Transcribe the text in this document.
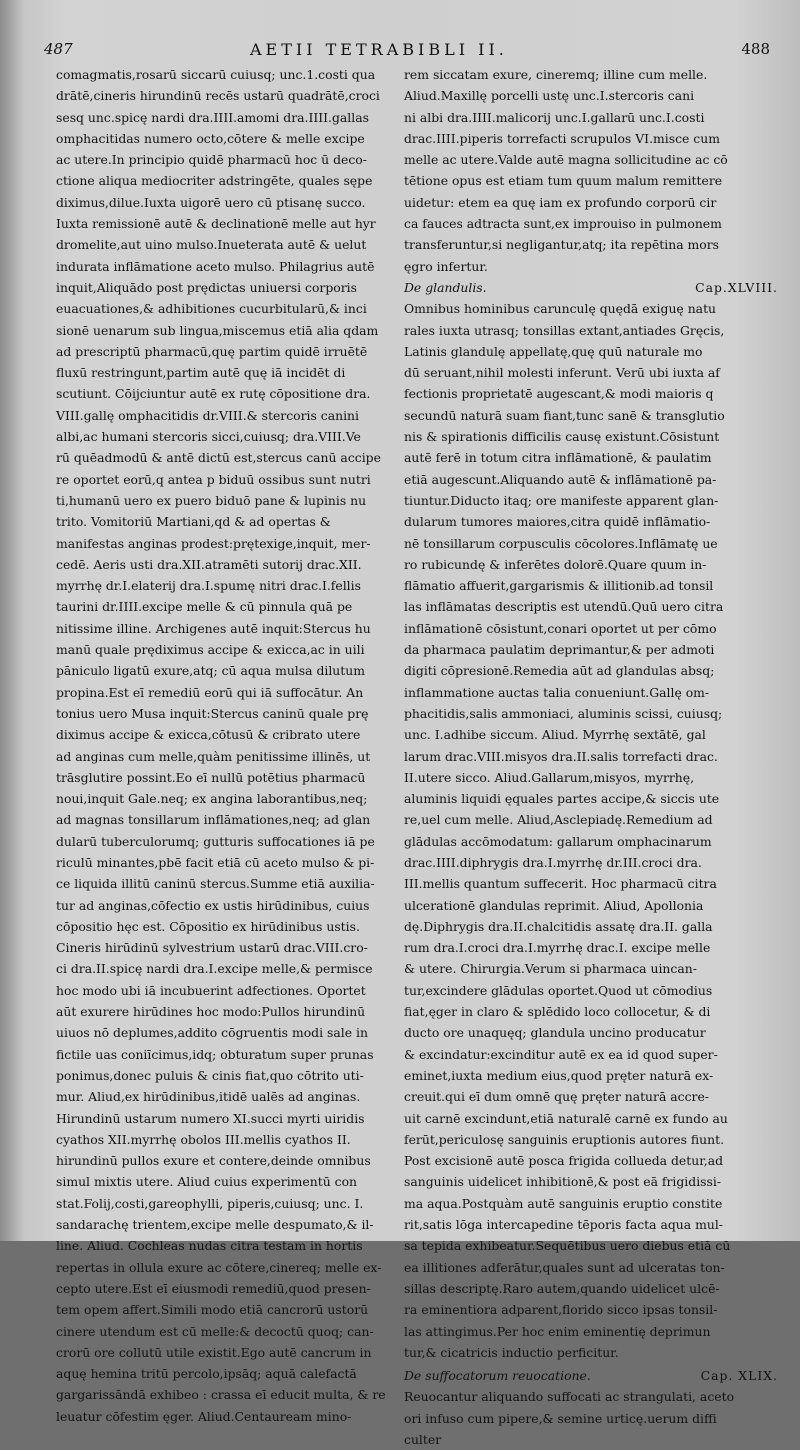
487	AETII TETRABIBLI II.	488

comagmatis,rosarū siccarū cuiusq; unc.1.costi qua

drātē,cineris hirundinū recēs ustarū quadrātē,croci

sesq unc.spicę nardi dra.IIII.amomi dra.IIII.gallas

omphacitidas numero octo,cōtere & melle excipe

ac utere.In principio quidē pharmacū hoc ū deco-

ctione aliqua mediocriter adstringēte, quales sępe

diximus,dilue.Iuxta uigorē uero cū ptisanę succo.

Iuxta remissionē autē & declinationē melle aut hyr

dromelite,aut uino mulso.Inueterata autē & uelut

indurata inflāmatione aceto mulso. Philagrius autē

inquit,Aliquādo post prędictas uniuersi corporis

euacuationes,& adhibitiones cucurbitularū,& inci

sionē uenarum sub lingua,miscemus etiā alia qdam

ad prescriptū pharmacū,quę partim quidē irruētē

fluxū restringunt,partim autē quę iā incidēt di

scutiunt. Cōijciuntur autē ex rutę cōpositione dra.

VIII.gallę omphacitidis dr.VIII.& stercoris canini

albi,ac humani stercoris sicci,cuiusq; dra.VIII.Ve

rū quēadmodū & antē dictū est,stercus canū accipe

re oportet eorū,q antea p biduū ossibus sunt nutri

ti,humanū uero ex puero biduō pane & lupinis nu

trito. Vomitoriū Martiani,qd & ad opertas &

manifestas anginas prodest:prętexige,inquit, mer-

cedē. Aeris usti dra.XII.atramēti sutorij drac.XII.

myrrhę dr.I.elaterij dra.I.spumę nitri drac.I.fellis

taurini dr.IIII.excipe melle & cū pinnula quā pe

nitissime illine. Archigenes autē inquit:Stercus hu

manū quale prędiximus accipe & exicca,ac in uili

pāniculo ligatū exure,atq; cū aqua mulsa dilutum

propina.Est eī remediū eorū qui iā suffocātur. An

tonius uero Musa inquit:Stercus caninū quale prę

diximus accipe & exicca,cōtusū & cribrato utere

ad anginas cum melle,quàm penitissime illinēs, ut

trāsglutire possint.Eo eī nullū potētius pharmacū

noui,inquit Gale.neq; ex angina laborantibus,neq;

ad magnas tonsillarum inflāmationes,neq; ad glan

dularū tuberculorumq; gutturis suffocationes iā pe

riculū minantes,pbē facit etiā cū aceto mulso & pi-

ce liquida illitū caninū stercus.Summe etiā auxilia-

tur ad anginas,cōfectio ex ustis hirūdinibus, cuius

cōpositio hęc est. Cōpositio ex hirūdinibus ustis.

Cineris hirūdinū sylvestrium ustarū drac.VIII.cro-

ci dra.II.spicę nardi dra.I.excipe melle,& permisce

hoc modo ubi iā incubuerint adfectiones. Oportet

aūt exurere hirūdines hoc modo:Pullos hirundinū

uiuos nō deplumes,addito cōgruentis modi sale in

fictile uas coniīcimus,idq; obturatum super prunas

ponimus,donec puluis & cinis fiat,quo cōtrito uti-

mur. Aliud,ex hirūdinibus,itidē ualēs ad anginas.

Hirundinū ustarum numero XI.succi myrti uiridis

cyathos XII.myrrhę obolos III.mellis cyathos II.

hirundinū pullos exure et contere,deinde omnibus

simul mixtis utere. Aliud cuius experimentū con

stat.Folij,costi,gareophylli, piperis,cuiusq; unc. I.

sandarachę trientem,excipe melle despumato,& il-

line. Aliud. Cochleas nudas citra testam in hortis

repertas in ollula exure ac cōtere,cinereq; melle ex-

cepto utere.Est eī eiusmodi remediū,quod presen-

tem opem affert.Simili modo etiā cancrorū ustorū

cinere utendum est cū melle:& decoctū quoq; can-

crorū ore collutū utile existit.Ego autē cancrum in

aquę hemina tritū percolo,ipsāq; aquā calefactā

gargarissāndā exhibeo : crassa eī educit multa, & re

leuatur cōfestim ęger. Aliud.Centauream mino-

rem siccatam exure, cineremq; illine cum melle.

Aliud.Maxillę porcelli ustę unc.I.stercoris cani

ni albi dra.IIII.malicorij unc.I.gallarū unc.I.costi

drac.IIII.piperis torrefacti scrupulos VI.misce cum

melle ac utere.Valde autē magna sollicitudine ac cō

tētione opus est etiam tum quum malum remittere

uidetur: etem ea quę iam ex profundo corporū cir

ca fauces adtracta sunt,ex improuiso in pulmonem

transferuntur,si negligantur,atq; ita repētina mors

ęgro infertur.

De glandulis.	Cap.XLVIII.

Omnibus hominibus carunculę quędā exiguę natu

rales iuxta utrasq; tonsillas extant,antiades Gręcis,

Latinis glandulę appellatę,quę quū naturale mo

dū seruant,nihil molesti inferunt. Verū ubi iuxta af

fectionis proprietatē augescant,& modi maioris q

secundū naturā suam fiant,tunc sanē & transglutio

nis & spirationis difficilis causę existunt.Cōsistunt

autē ferē in totum citra inflāmationē, & paulatim

etiā augescunt.Aliquando autē & inflāmationē pa-

tiuntur.Diducto itaq; ore manifeste apparent glan-

dularum tumores maiores,citra quidē inflāmatio-

nē tonsillarum corpusculis cōcolores.Inflāmatę ue

ro rubicundę & inferētes dolorē.Quare quum in-

flāmatio affuerit,gargarismis & illitionib.ad tonsil

las inflāmatas descriptis est utendū.Quū uero citra

inflāmationē cōsistunt,conari oportet ut per cōmo

da pharmaca paulatim deprimantur,& per admoti

digiti cōpresionē.Remedia aūt ad glandulas absq;

inflammatione auctas talia conueniunt.Gallę om-

phacitidis,salis ammoniaci, aluminis scissi, cuiusq;

unc. I.adhibe siccum. Aliud. Myrrhę sextātē, gal

larum drac.VIII.misyos dra.II.salis torrefacti drac.

II.utere sicco. Aliud.Gallarum,misyos, myrrhę,

aluminis liquidi ęquales partes accipe,& siccis ute

re,uel cum melle. Aliud,Asclepiadę.Remedium ad

glādulas accōmodatum: gallarum omphacinarum

drac.IIII.diphrygis dra.I.myrrhę dr.III.croci dra.

III.mellis quantum suffecerit. Hoc pharmacū citra

ulcerationē glandulas reprimit. Aliud, Apollonia

dę.Diphrygis dra.II.chalcitidis assatę dra.II. galla

rum dra.I.croci dra.I.myrrhę drac.I. excipe melle

& utere. Chirurgia.Verum si pharmaca uincan-

tur,excindere glādulas oportet.Quod ut cōmodius

fiat,ęger in claro & splēdido loco collocetur, & di

ducto ore unaquęq; glandula uncino producatur

& excindatur:excinditur autē ex ea id quod super-

eminet,iuxta medium eius,quod pręter naturā ex-

creuit.qui eī dum omnē quę pręter naturā accre-

uit carnē excindunt,etiā naturalē carnē ex fundo au

ferūt,periculosę sanguinis eruptionis autores fiunt.

Post excisionē autē posca frigida collueda detur,ad

sanguinis uidelicet inhibitionē,& post eā frigidissi-

ma aqua.Postquàm autē sanguinis eruptio constite

rit,satis lōga intercapedine tēporis facta aqua mul-

sa tepida exhibeatur.Sequētibus uero diebus etiā cū

ea illitiones adferātur,quales sunt ad ulceratas ton-

sillas descriptę.Raro autem,quando uidelicet ulcē-

ra eminentiora adparent,florido sicco ipsas tonsil-

las attingimus.Per hoc enim eminentię deprimun

tur,& cicatricis inductio perficitur.

De suffocatorum reuocatione.	Cap. XLIX.

Reuocantur aliquando suffocati ac strangulati, aceto

ori infuso cum pipere,& semine urticę.uerum diffi

culter
